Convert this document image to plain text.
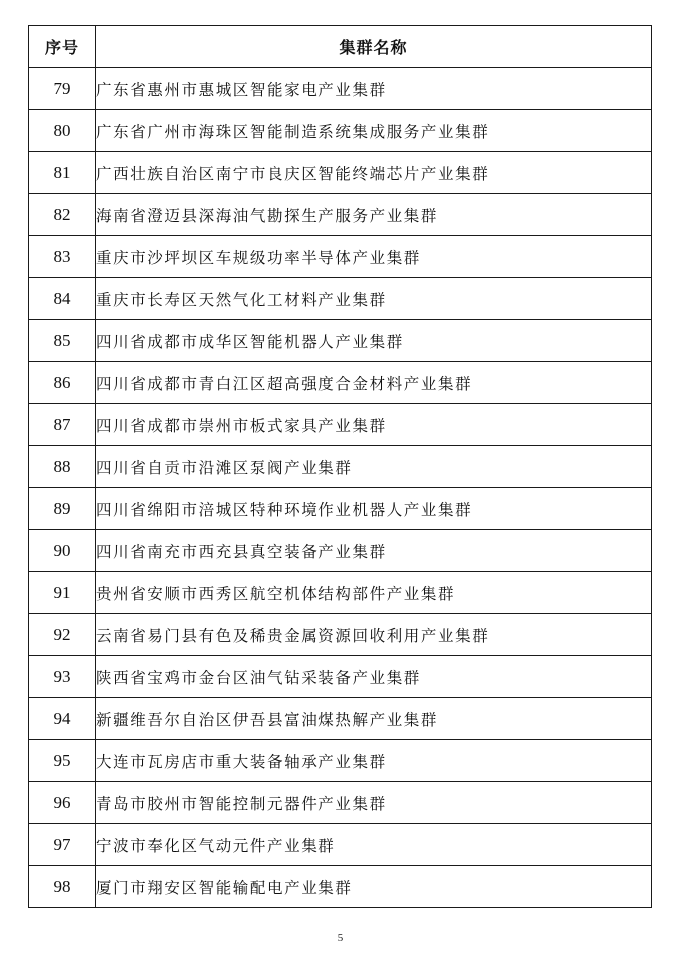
序号	集群名称
79	广东省惠州市惠城区智能家电产业集群
80	广东省广州市海珠区智能制造系统集成服务产业集群
81	广西壮族自治区南宁市良庆区智能终端芯片产业集群
82	海南省澄迈县深海油气勘探生产服务产业集群
83	重庆市沙坪坝区车规级功率半导体产业集群
84	重庆市长寿区天然气化工材料产业集群
85	四川省成都市成华区智能机器人产业集群
86	四川省成都市青白江区超高强度合金材料产业集群
87	四川省成都市崇州市板式家具产业集群
88	四川省自贡市沿滩区泵阀产业集群
89	四川省绵阳市涪城区特种环境作业机器人产业集群
90	四川省南充市西充县真空装备产业集群
91	贵州省安顺市西秀区航空机体结构部件产业集群
92	云南省易门县有色及稀贵金属资源回收利用产业集群
93	陕西省宝鸡市金台区油气钻采装备产业集群
94	新疆维吾尔自治区伊吾县富油煤热解产业集群
95	大连市瓦房店市重大装备轴承产业集群
96	青岛市胶州市智能控制元器件产业集群
97	宁波市奉化区气动元件产业集群
98	厦门市翔安区智能输配电产业集群
5
